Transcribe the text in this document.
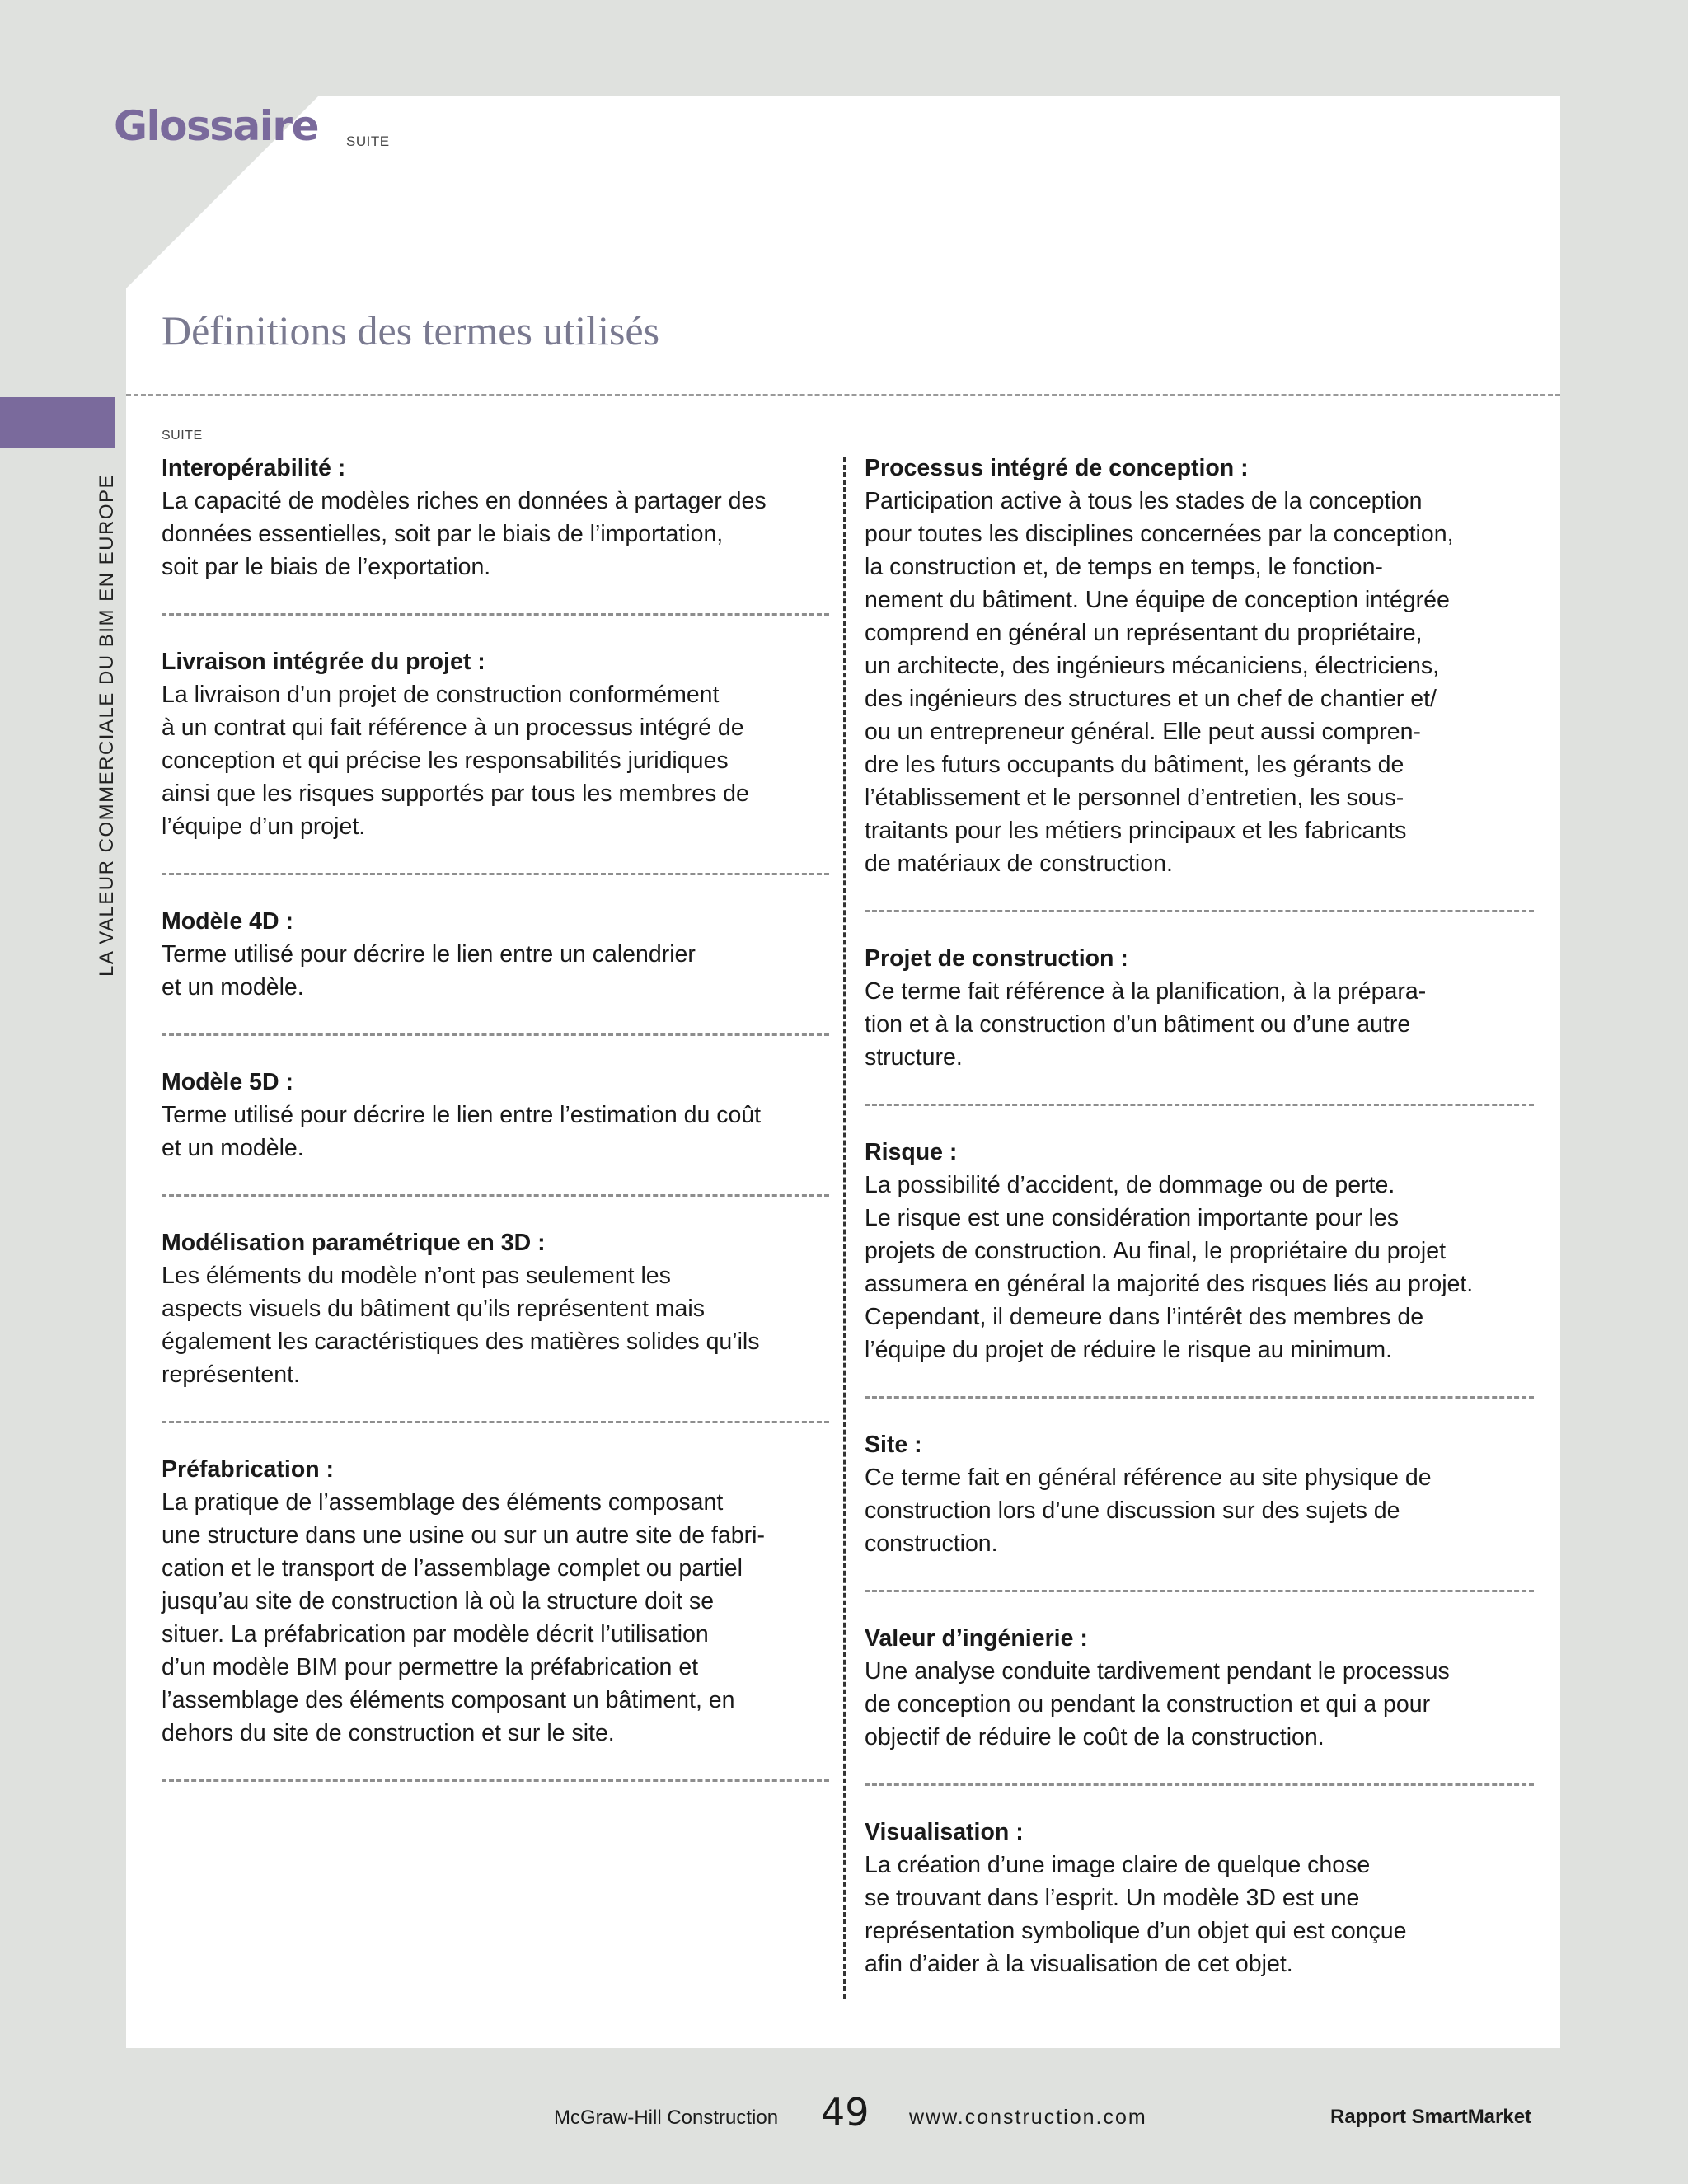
Glossaire SUITE
LA VALEUR COMMERCIALE DU BIM EN EUROPE
Définitions des termes utilisés
SUITE
Interopérabilité :
La capacité de modèles riches en données à partager des
données essentielles, soit par le biais de l’importation,
soit par le biais de l’exportation.
Livraison intégrée du projet :
La livraison d’un projet de construction conformément
à un contrat qui fait référence à un processus intégré de
conception et qui précise les responsabilités juridiques
ainsi que les risques supportés par tous les membres de
l’équipe d’un projet.
Modèle 4D :
Terme utilisé pour décrire le lien entre un calendrier
et un modèle.
Modèle 5D :
Terme utilisé pour décrire le lien entre l’estimation du coût
et un modèle.
Modélisation paramétrique en 3D :
Les éléments du modèle n’ont pas seulement les
aspects visuels du bâtiment qu’ils représentent mais
également les caractéristiques des matières solides qu’ils
représentent.
Préfabrication :
La pratique de l’assemblage des éléments composant
une structure dans une usine ou sur un autre site de fabri-
cation et le transport de l’assemblage complet ou partiel
jusqu’au site de construction là où la structure doit se
situer. La préfabrication par modèle décrit l’utilisation
d’un modèle BIM pour permettre la préfabrication et
l’assemblage des éléments composant un bâtiment, en
dehors du site de construction et sur le site.
Processus intégré de conception :
Participation active à tous les stades de la conception
pour toutes les disciplines concernées par la conception,
la construction et, de temps en temps, le fonction-
nement du bâtiment. Une équipe de conception intégrée
comprend en général un représentant du propriétaire,
un architecte, des ingénieurs mécaniciens, électriciens,
des ingénieurs des structures et un chef de chantier et/
ou un entrepreneur général. Elle peut aussi compren-
dre les futurs occupants du bâtiment, les gérants de
l’établissement et le personnel d’entretien, les sous-
traitants pour les métiers principaux et les fabricants
de matériaux de construction.
Projet de construction :
Ce terme fait référence à la planification, à la prépara-
tion et à la construction d’un bâtiment ou d’une autre
structure.
Risque :
La possibilité d’accident, de dommage ou de perte.
Le risque est une considération importante pour les
projets de construction. Au final, le propriétaire du projet
assumera en général la majorité des risques liés au projet.
Cependant, il demeure dans l’intérêt des membres de
l’équipe du projet de réduire le risque au minimum.
Site :
Ce terme fait en général référence au site physique de
construction lors d’une discussion sur des sujets de
construction.
Valeur d’ingénierie :
Une analyse conduite tardivement pendant le processus
de conception ou pendant la construction et qui a pour
objectif de réduire le coût de la construction.
Visualisation :
La création d’une image claire de quelque chose
se trouvant dans l’esprit. Un modèle 3D est une
représentation symbolique d’un objet qui est conçue
afin d’aider à la visualisation de cet objet.
McGraw-Hill Construction 49 www.construction.com	Rapport SmartMarket
